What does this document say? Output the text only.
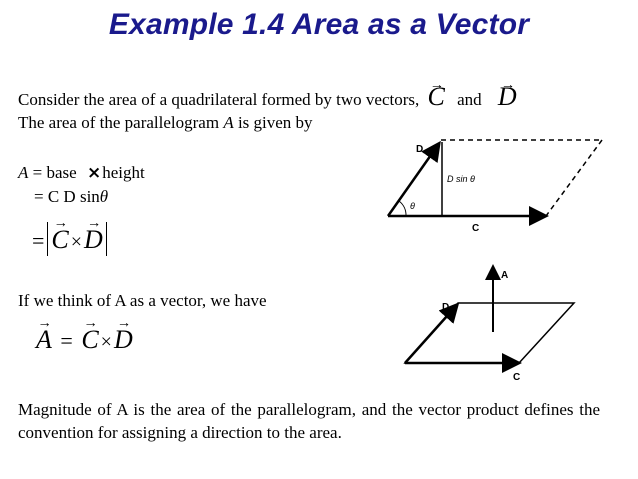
Example 1.4 Area as a Vector
Consider the area of a quadrilateral formed by two vectors, → C and → D
The area of the parallelogram A is given by
A = base ×height
= C D sinθ
= → C ×→ D
If we think of A as a vector, we have
→ A = → C ×→ D
D
C
D sin θ
θ
A
D
C
Magnitude of A is the area of the parallelogram, and the vector product defines the convention for assigning a direction to the area.
